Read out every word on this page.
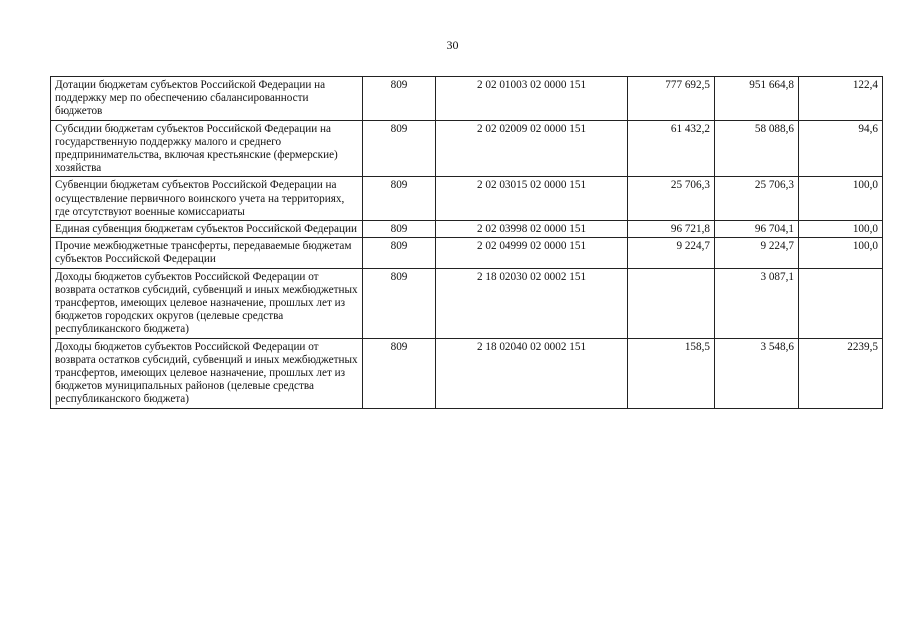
30
Дотации бюджетам субъектов Российской Федерации на поддержку мер по обеспечению сбалансированности бюджетов	809	2 02 01003 02 0000 151	777 692,5	951 664,8	122,4
Субсидии бюджетам субъектов Российской Федерации на государственную поддержку малого и среднего предпринимательства, включая крестьянские (фермерские) хозяйства	809	2 02 02009 02 0000 151	61 432,2	58 088,6	94,6
Субвенции бюджетам субъектов Российской Федерации на осуществление первичного воинского учета на территориях, где отсутствуют военные комиссариаты	809	2 02 03015 02 0000 151	25 706,3	25 706,3	100,0
Единая субвенция бюджетам субъектов Российской Федерации	809	2 02 03998 02 0000 151	96 721,8	96 704,1	100,0
Прочие межбюджетные трансферты, передаваемые бюджетам субъектов Российской Федерации	809	2 02 04999 02 0000 151	9 224,7	9 224,7	100,0
Доходы бюджетов субъектов Российской Федерации от возврата остатков субсидий, субвенций и иных межбюджетных трансфертов, имеющих целевое назначение, прошлых лет из бюджетов городских округов (целевые средства республиканского бюджета)	809	2 18 02030 02 0002 151		3 087,1	
Доходы бюджетов субъектов Российской Федерации от возврата остатков субсидий, субвенций и иных межбюджетных трансфертов, имеющих целевое назначение, прошлых лет из бюджетов муниципальных районов (целевые средства республиканского бюджета)	809	2 18 02040 02 0002 151	158,5	3 548,6	2239,5
